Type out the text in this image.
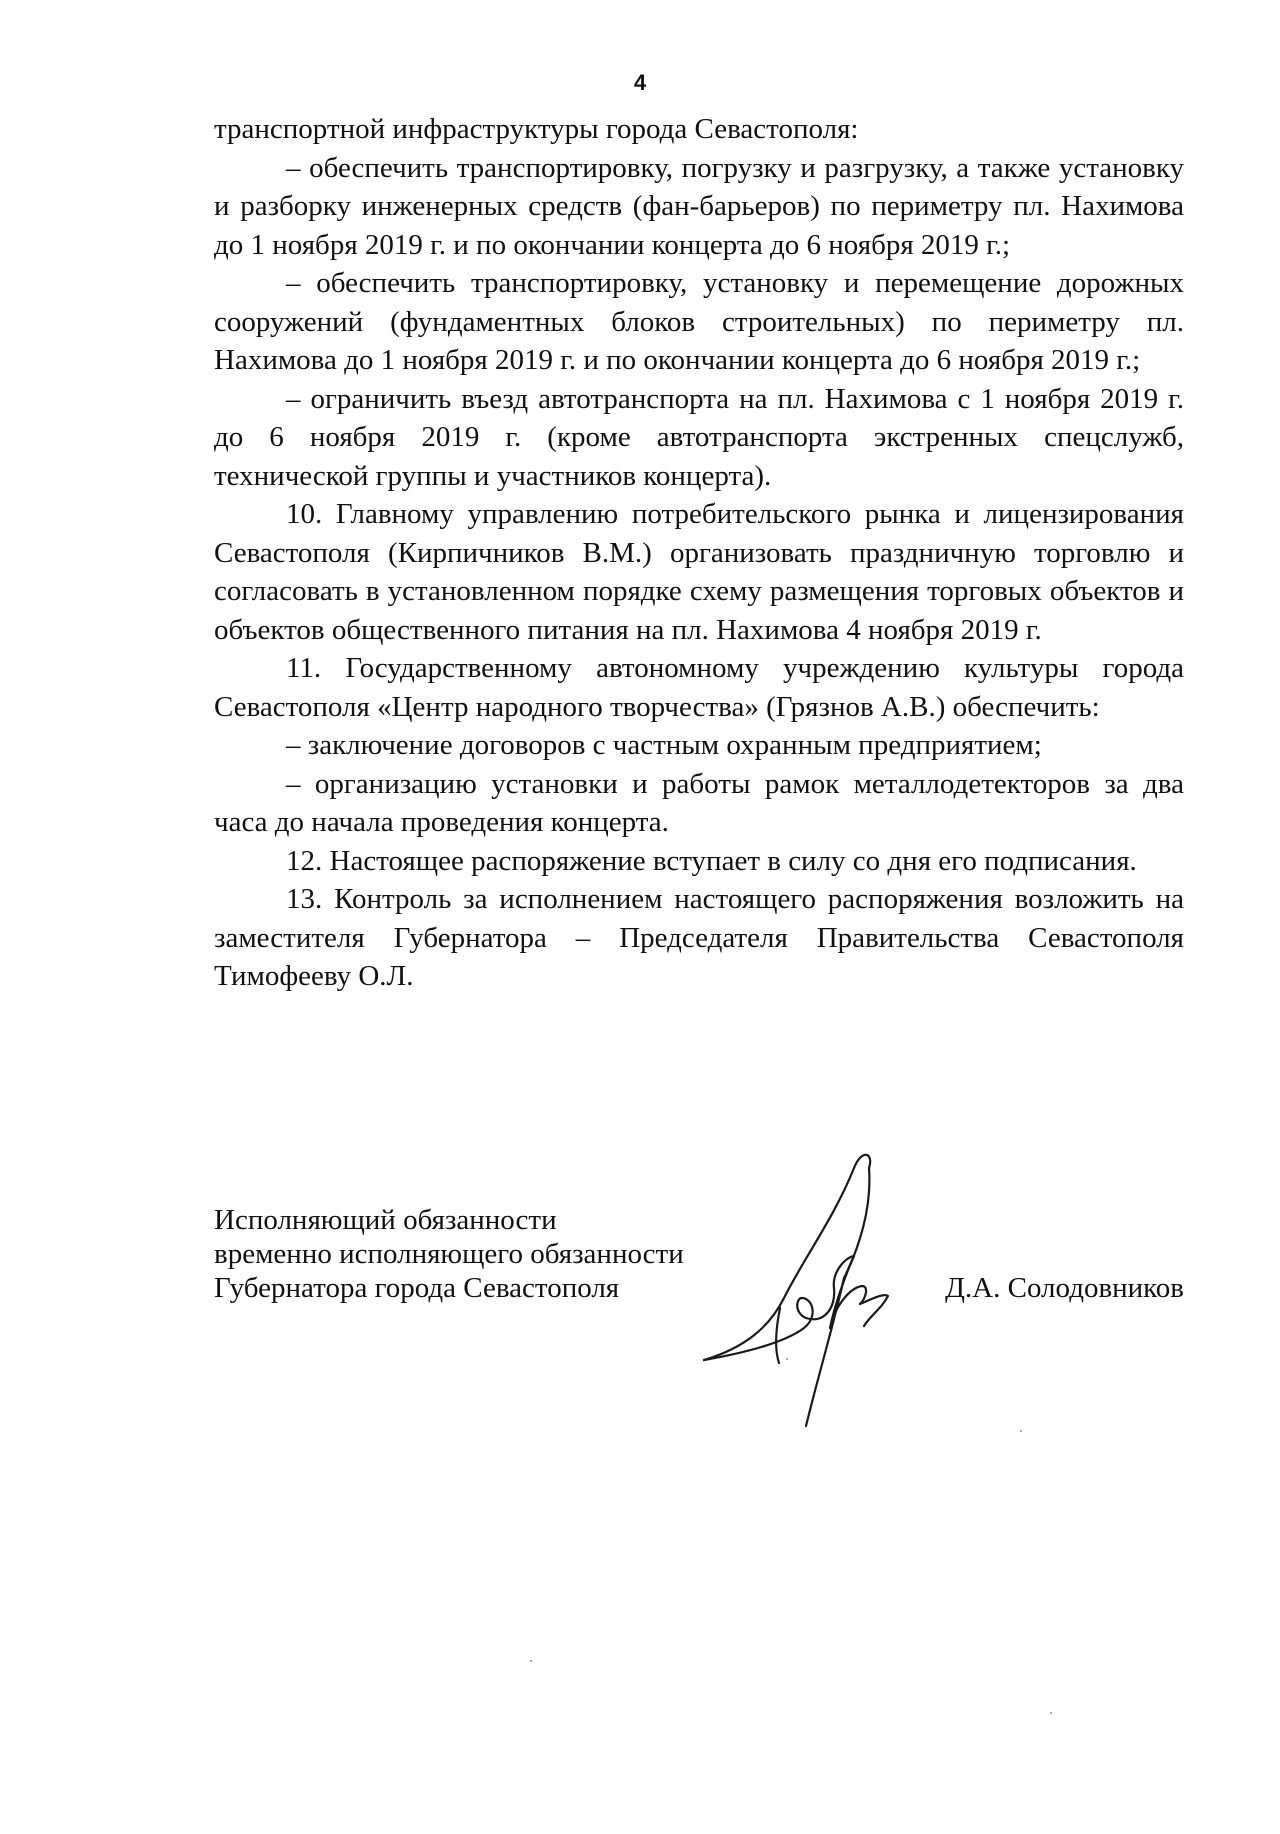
4

транспортной инфраструктуры города Севастополя:

– обеспечить транспортировку, погрузку и разгрузку, а также установку и разборку инженерных средств (фан-барьеров) по периметру пл. Нахимова до 1 ноября 2019 г. и по окончании концерта до 6 ноября 2019 г.;

– обеспечить транспортировку, установку и перемещение дорожных сооружений (фундаментных блоков строительных) по периметру пл. Нахимова до 1 ноября 2019 г. и по окончании концерта до 6 ноября 2019 г.;

– ограничить въезд автотранспорта на пл. Нахимова с 1 ноября 2019 г. до 6 ноября 2019 г. (кроме автотранспорта экстренных спецслужб, технической группы и участников концерта).

10. Главному управлению потребительского рынка и лицензирования Севастополя (Кирпичников В.М.) организовать праздничную торговлю и согласовать в установленном порядке схему размещения торговых объектов и объектов общественного питания на пл. Нахимова 4 ноября 2019 г.

11. Государственному автономному учреждению культуры города Севастополя «Центр народного творчества» (Грязнов А.В.) обеспечить:

– заключение договоров с частным охранным предприятием;

– организацию установки и работы рамок металлодетекторов за два часа до начала проведения концерта.

12. Настоящее распоряжение вступает в силу со дня его подписания.

13. Контроль за исполнением настоящего распоряжения возложить на заместителя Губернатора – Председателя Правительства Севастополя Тимофееву О.Л.

Исполняющий обязанности
временно исполняющего обязанности
Губернатора города Севастополя	Д.А. Солодовников
